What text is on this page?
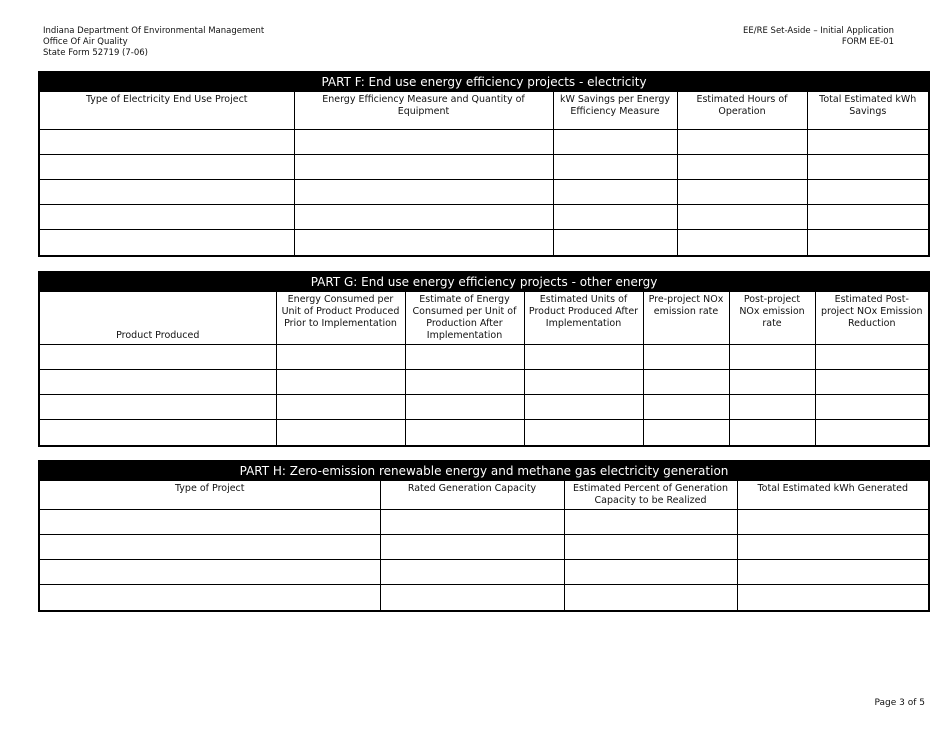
Indiana Department Of Environmental Management
Office Of Air Quality
State Form 52719 (7-06)
EE/RE Set-Aside – Initial Application
FORM EE-01
PART F: End use energy efficiency projects - electricity
Type of Electricity End Use Project	Energy Efficiency Measure and Quantity of Equipment	kW Savings per Energy Efficiency Measure	Estimated Hours of Operation	Total Estimated kWh Savings

PART G: End use energy efficiency projects - other energy
Product Produced	Energy Consumed per Unit of Product Produced Prior to Implementation	Estimate of Energy Consumed per Unit of Production After Implementation	Estimated Units of Product Produced After Implementation	Pre-project NOx emission rate	Post-project NOx emission rate	Estimated Post-project NOx Emission Reduction

PART H: Zero-emission renewable energy and methane gas electricity generation
Type of Project	Rated Generation Capacity	Estimated Percent of Generation Capacity to be Realized	Total Estimated kWh Generated

Page 3 of 5
